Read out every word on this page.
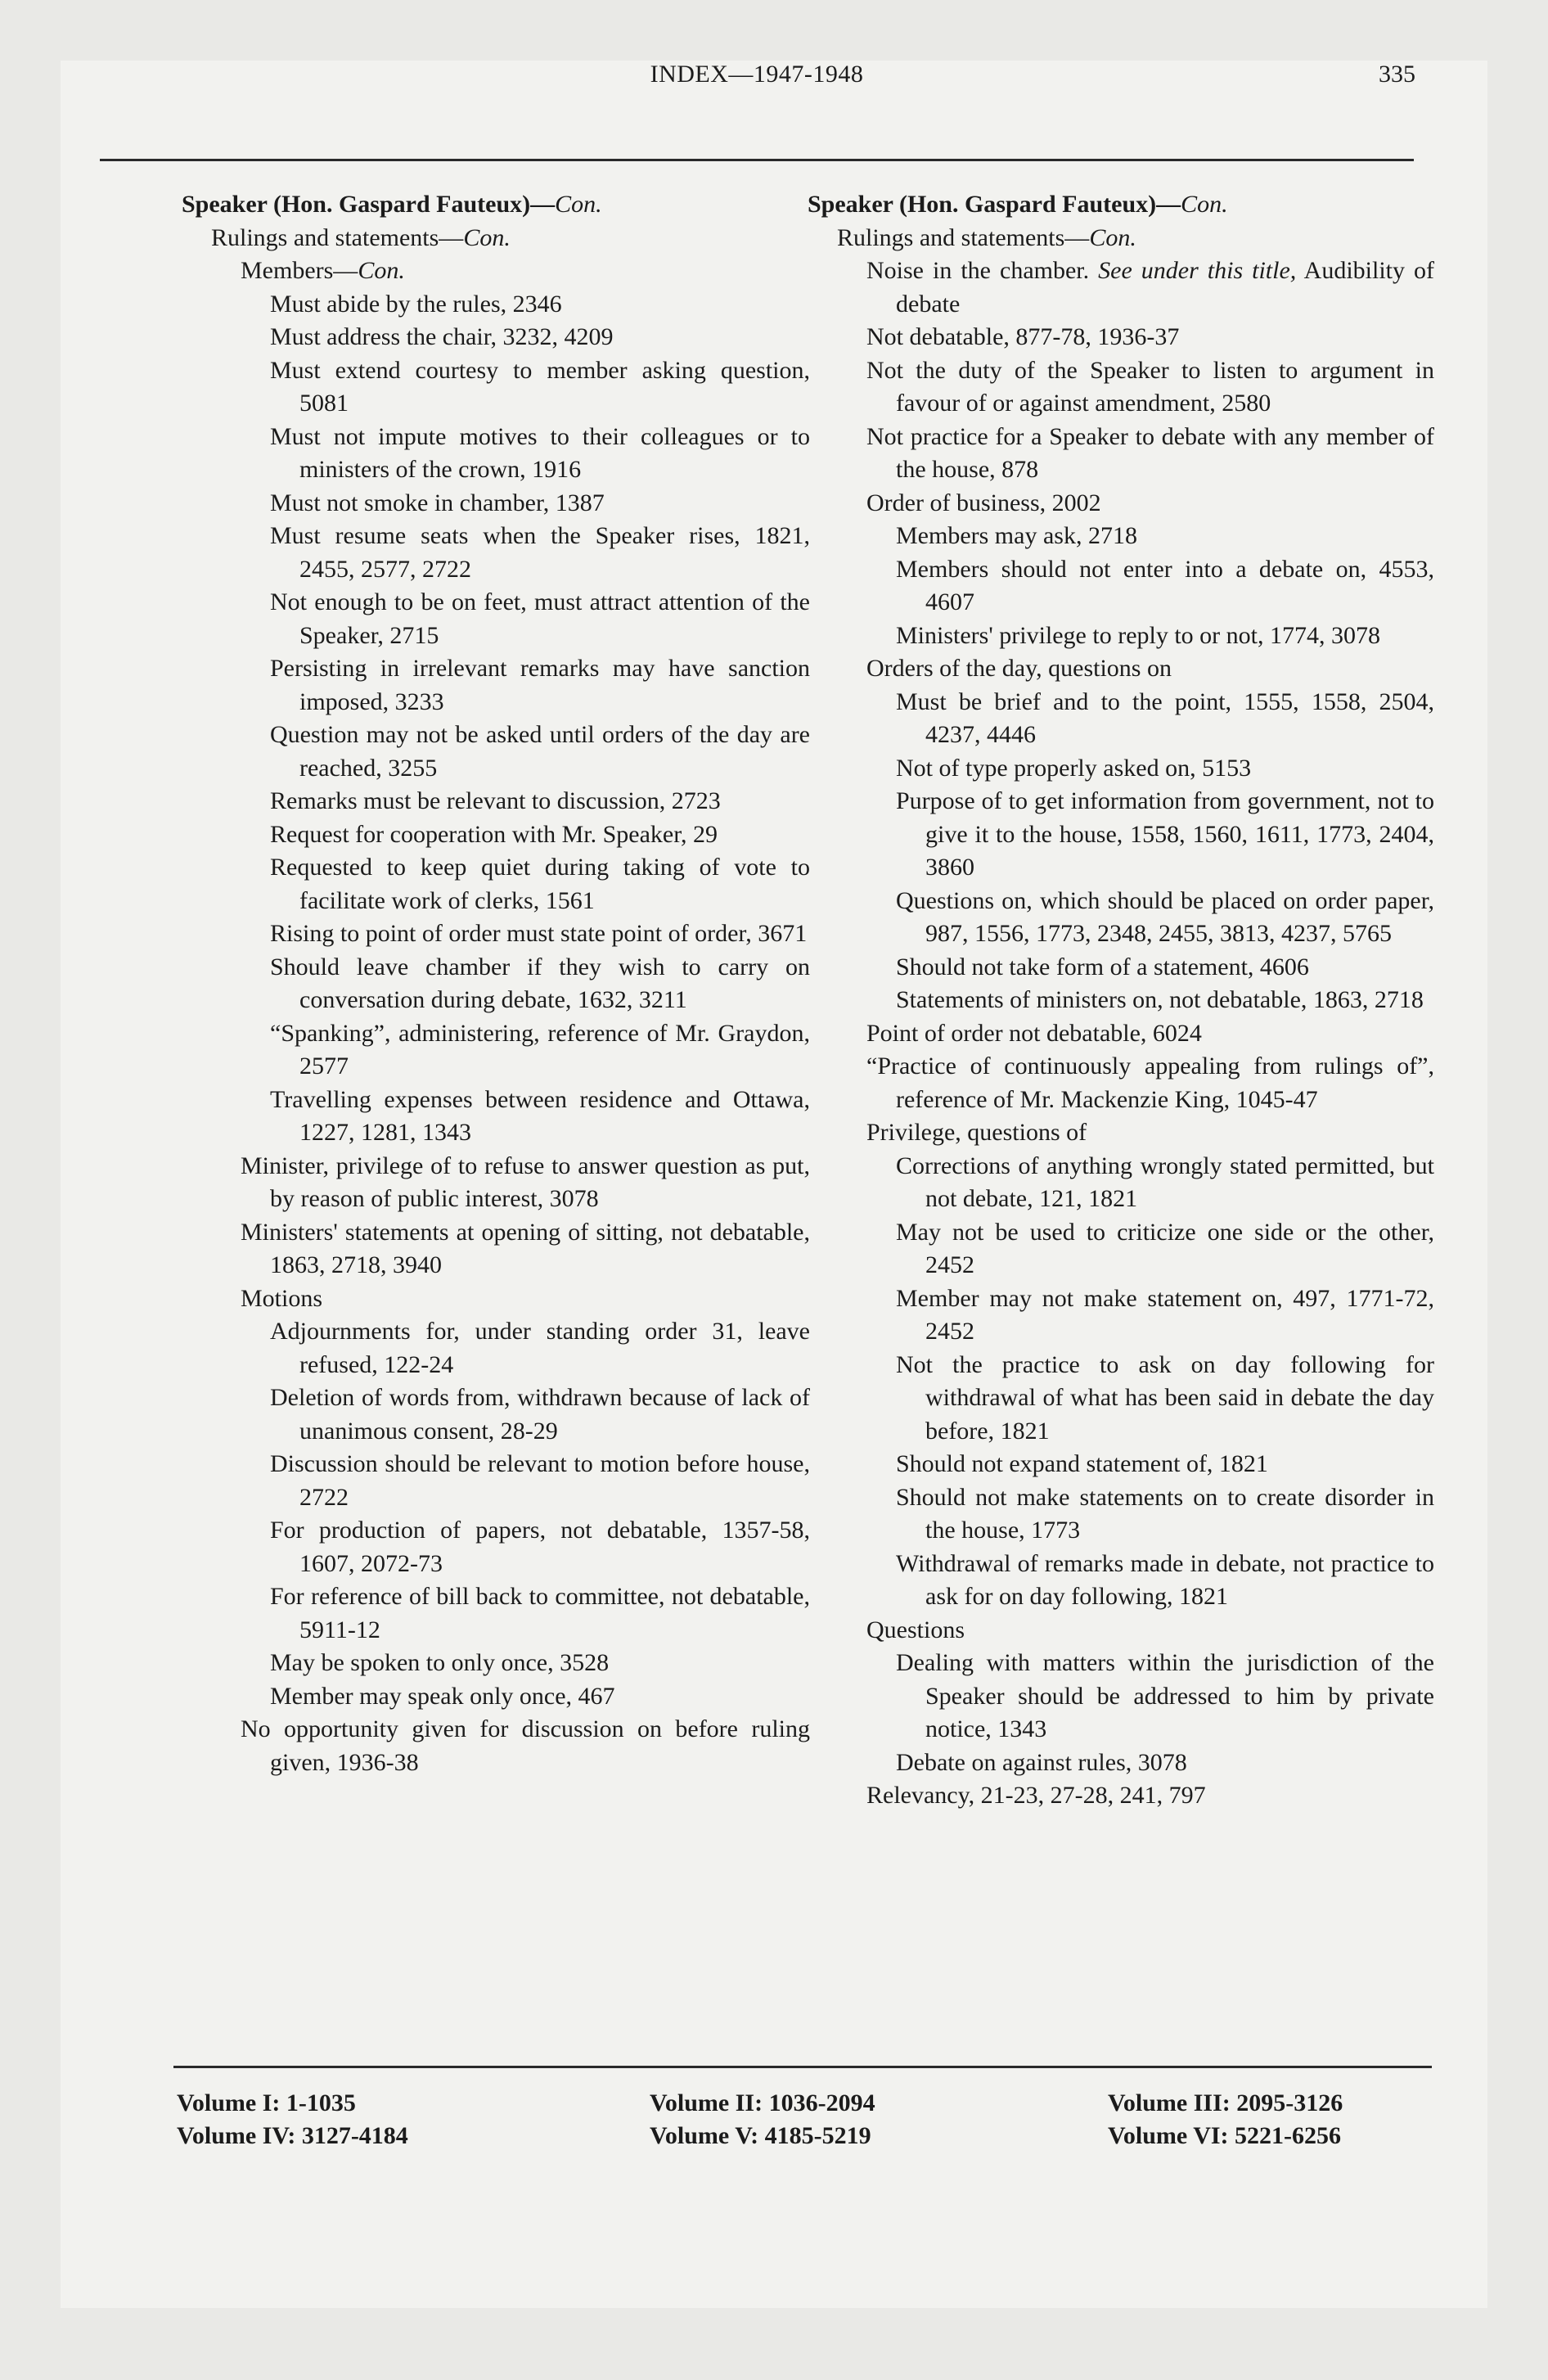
INDEX—1947-1948	335
Speaker (Hon. Gaspard Fauteux)—Con.
Rulings and statements—Con.
Members—Con.
Must abide by the rules, 2346
Must address the chair, 3232, 4209
Must extend courtesy to member asking question, 5081
Must not impute motives to their colleagues or to ministers of the crown, 1916
Must not smoke in chamber, 1387
Must resume seats when the Speaker rises, 1821, 2455, 2577, 2722
Not enough to be on feet, must attract attention of the Speaker, 2715
Persisting in irrelevant remarks may have sanction imposed, 3233
Question may not be asked until orders of the day are reached, 3255
Remarks must be relevant to discussion, 2723
Request for cooperation with Mr. Speaker, 29
Requested to keep quiet during taking of vote to facilitate work of clerks, 1561
Rising to point of order must state point of order, 3671
Should leave chamber if they wish to carry on conversation during debate, 1632, 3211
“Spanking”, administering, reference of Mr. Graydon, 2577
Travelling expenses between residence and Ottawa, 1227, 1281, 1343
Minister, privilege of to refuse to answer question as put, by reason of public interest, 3078
Ministers' statements at opening of sitting, not debatable, 1863, 2718, 3940
Motions
Adjournments for, under standing order 31, leave refused, 122-24
Deletion of words from, withdrawn because of lack of unanimous consent, 28-29
Discussion should be relevant to motion before house, 2722
For production of papers, not debatable, 1357-58, 1607, 2072-73
For reference of bill back to committee, not debatable, 5911-12
May be spoken to only once, 3528
Member may speak only once, 467
No opportunity given for discussion on before ruling given, 1936-38
Speaker (Hon. Gaspard Fauteux)—Con.
Rulings and statements—Con.
Noise in the chamber. See under this title, Audibility of debate
Not debatable, 877-78, 1936-37
Not the duty of the Speaker to listen to argument in favour of or against amendment, 2580
Not practice for a Speaker to debate with any member of the house, 878
Order of business, 2002
Members may ask, 2718
Members should not enter into a debate on, 4553, 4607
Ministers' privilege to reply to or not, 1774, 3078
Orders of the day, questions on
Must be brief and to the point, 1555, 1558, 2504, 4237, 4446
Not of type properly asked on, 5153
Purpose of to get information from government, not to give it to the house, 1558, 1560, 1611, 1773, 2404, 3860
Questions on, which should be placed on order paper, 987, 1556, 1773, 2348, 2455, 3813, 4237, 5765
Should not take form of a statement, 4606
Statements of ministers on, not debatable, 1863, 2718
Point of order not debatable, 6024
“Practice of continuously appealing from rulings of”, reference of Mr. Mackenzie King, 1045-47
Privilege, questions of
Corrections of anything wrongly stated permitted, but not debate, 121, 1821
May not be used to criticize one side or the other, 2452
Member may not make statement on, 497, 1771-72, 2452
Not the practice to ask on day following for withdrawal of what has been said in debate the day before, 1821
Should not expand statement of, 1821
Should not make statements on to create disorder in the house, 1773
Withdrawal of remarks made in debate, not practice to ask for on day following, 1821
Questions
Dealing with matters within the jurisdiction of the Speaker should be addressed to him by private notice, 1343
Debate on against rules, 3078
Relevancy, 21-23, 27-28, 241, 797
Volume I: 1-1035
Volume IV: 3127-4184
Volume II: 1036-2094
Volume V: 4185-5219
Volume III: 2095-3126
Volume VI: 5221-6256
